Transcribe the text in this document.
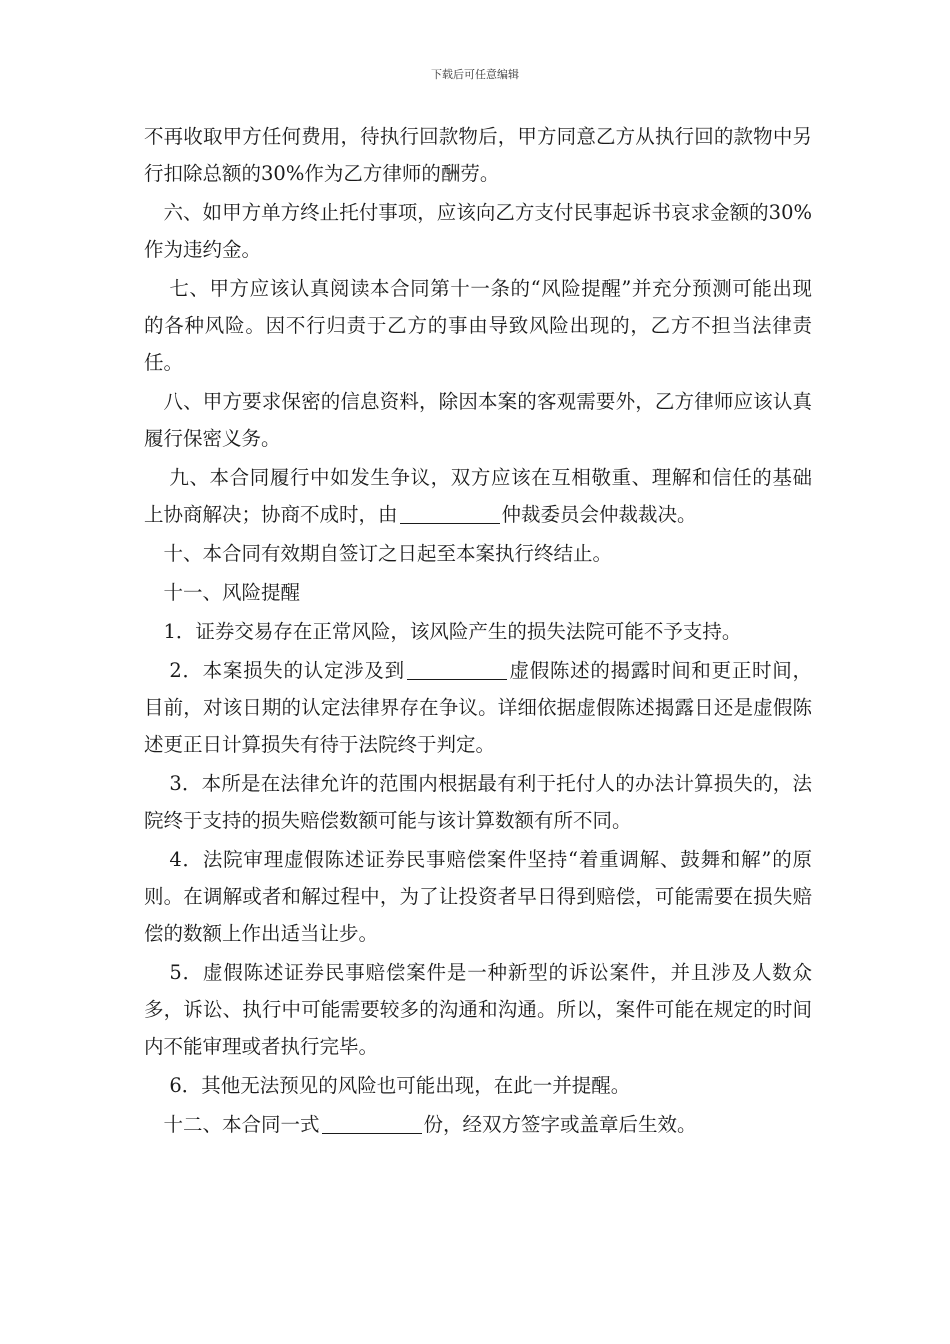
下载后可任意编辑

不再收取甲方任何费用，待执行回款物后，甲方同意乙方从执行回的款物中另行扣除总额的30%作为乙方律师的酬劳。

六、如甲方单方终止托付事项，应该向乙方支付民事起诉书哀求金额的30%作为违约金。

七、甲方应该认真阅读本合同第十一条的“风险提醒”并充分预测可能出现的各种风险。因不行归责于乙方的事由导致风险出现的，乙方不担当法律责任。

八、甲方要求保密的信息资料，除因本案的客观需要外，乙方律师应该认真履行保密义务。

九、本合同履行中如发生争议，双方应该在互相敬重、理解和信任的基础上协商解决；协商不成时，由	仲裁委员会仲裁裁决。

十、本合同有效期自签订之日起至本案执行终结止。

十一、风险提醒

1．证券交易存在正常风险，该风险产生的损失法院可能不予支持。

2．本案损失的认定涉及到	虚假陈述的揭露时间和更正时间，目前，对该日期的认定法律界存在争议。详细依据虚假陈述揭露日还是虚假陈述更正日计算损失有待于法院终于判定。

3．本所是在法律允许的范围内根据最有利于托付人的办法计算损失的，法院终于支持的损失赔偿数额可能与该计算数额有所不同。

4．法院审理虚假陈述证券民事赔偿案件坚持“着重调解、鼓舞和解”的原则。在调解或者和解过程中，为了让投资者早日得到赔偿，可能需要在损失赔偿的数额上作出适当让步。

5．虚假陈述证券民事赔偿案件是一种新型的诉讼案件，并且涉及人数众多，诉讼、执行中可能需要较多的沟通和沟通。所以，案件可能在规定的时间内不能审理或者执行完毕。

6．其他无法预见的风险也可能出现，在此一并提醒。

十二、本合同一式	份，经双方签字或盖章后生效。
